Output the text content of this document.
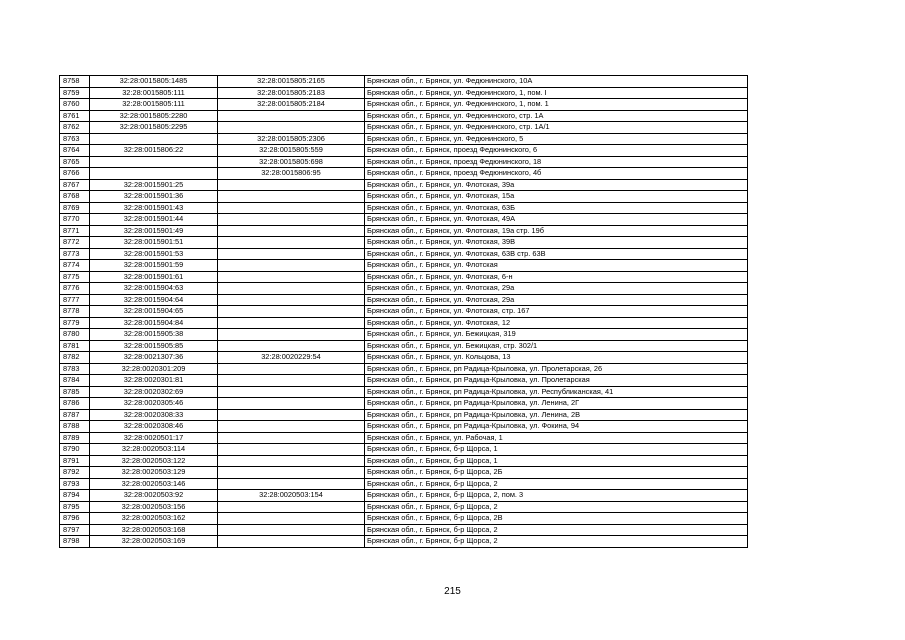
8758	32:28:0015805:1485	32:28:0015805:2165	Брянская обл., г. Брянск, ул. Федюнинского, 10А
8759	32:28:0015805:111	32:28:0015805:2183	Брянская обл., г. Брянск, ул. Федюнинского, 1, пом. I
8760	32:28:0015805:111	32:28:0015805:2184	Брянская обл., г. Брянск, ул. Федюнинского, 1, пом. 1
8761	32:28:0015805:2280		Брянская обл., г. Брянск, ул. Федюнинского, стр. 1А
8762	32:28:0015805:2295		Брянская обл., г. Брянск, ул. Федюнинского, стр. 1А/1
8763		32:28:0015805:2306	Брянская обл., г. Брянск, ул. Федюнинского, 5
8764	32:28:0015806:22	32:28:0015805:559	Брянская обл., г. Брянск, проезд Федюнинского, 6
8765		32:28:0015805:698	Брянская обл., г. Брянск, проезд Федюнинского, 18
8766		32:28:0015806:95	Брянская обл., г. Брянск, проезд Федюнинского, 4б
8767	32:28:0015901:25		Брянская обл., г. Брянск, ул. Флотская, 39а
8768	32:28:0015901:36		Брянская обл., г. Брянск, ул. Флотская, 15а
8769	32:28:0015901:43		Брянская обл., г. Брянск, ул. Флотская, 63Б
8770	32:28:0015901:44		Брянская обл., г. Брянск, ул. Флотская, 49А
8771	32:28:0015901:49		Брянская обл., г. Брянск, ул. Флотская, 19а стр. 19б
8772	32:28:0015901:51		Брянская обл., г. Брянск, ул. Флотская, 39В
8773	32:28:0015901:53		Брянская обл., г. Брянск, ул. Флотская, 63В стр. 63В
8774	32:28:0015901:59		Брянская обл., г. Брянск, ул. Флотская
8775	32:28:0015901:61		Брянская обл., г. Брянск, ул. Флотская, 6-н
8776	32:28:0015904:63		Брянская обл., г. Брянск, ул. Флотская, 29а
8777	32:28:0015904:64		Брянская обл., г. Брянск, ул. Флотская, 29а
8778	32:28:0015904:65		Брянская обл., г. Брянск, ул. Флотская, стр. 167
8779	32:28:0015904:84		Брянская обл., г. Брянск, ул. Флотская, 12
8780	32:28:0015905:38		Брянская обл., г. Брянск, ул. Бежицкая, 319
8781	32:28:0015905:85		Брянская обл., г. Брянск, ул. Бежицкая, стр. 302/1
8782	32:28:0021307:36	32:28:0020229:54	Брянская обл., г. Брянск, ул. Кольцова, 13
8783	32:28:0020301:209		Брянская обл., г. Брянск, рп Радица-Крыловка, ул. Пролетарская, 26
8784	32:28:0020301:81		Брянская обл., г. Брянск, рп Радица-Крыловка, ул. Пролетарская
8785	32:28:0020302:69		Брянская обл., г. Брянск, рп Радица-Крыловка, ул. Республиканская, 41
8786	32:28:0020305:46		Брянская обл., г. Брянск, рп Радица-Крыловка, ул. Ленина, 2Г
8787	32:28:0020308:33		Брянская обл., г. Брянск, рп Радица-Крыловка, ул. Ленина, 2В
8788	32:28:0020308:46		Брянская обл., г. Брянск, рп Радица-Крыловка, ул. Фокина, 94
8789	32:28:0020501:17		Брянская обл., г. Брянск, ул. Рабочая, 1
8790	32:28:0020503:114		Брянская обл., г. Брянск, б-р Щорса, 1
8791	32:28:0020503:122		Брянская обл., г. Брянск, б-р Щорса, 1
8792	32:28:0020503:129		Брянская обл., г. Брянск, б-р Щорса, 2Б
8793	32:28:0020503:146		Брянская обл., г. Брянск, б-р Щорса, 2
8794	32:28:0020503:92	32:28:0020503:154	Брянская обл., г. Брянск, б-р Щорса, 2, пом. 3
8795	32:28:0020503:156		Брянская обл., г. Брянск, б-р Щорса, 2
8796	32:28:0020503:162		Брянская обл., г. Брянск, б-р Щорса, 2В
8797	32:28:0020503:168		Брянская обл., г. Брянск, б-р Щорса, 2
8798	32:28:0020503:169		Брянская обл., г. Брянск, б-р Щорса, 2
215
